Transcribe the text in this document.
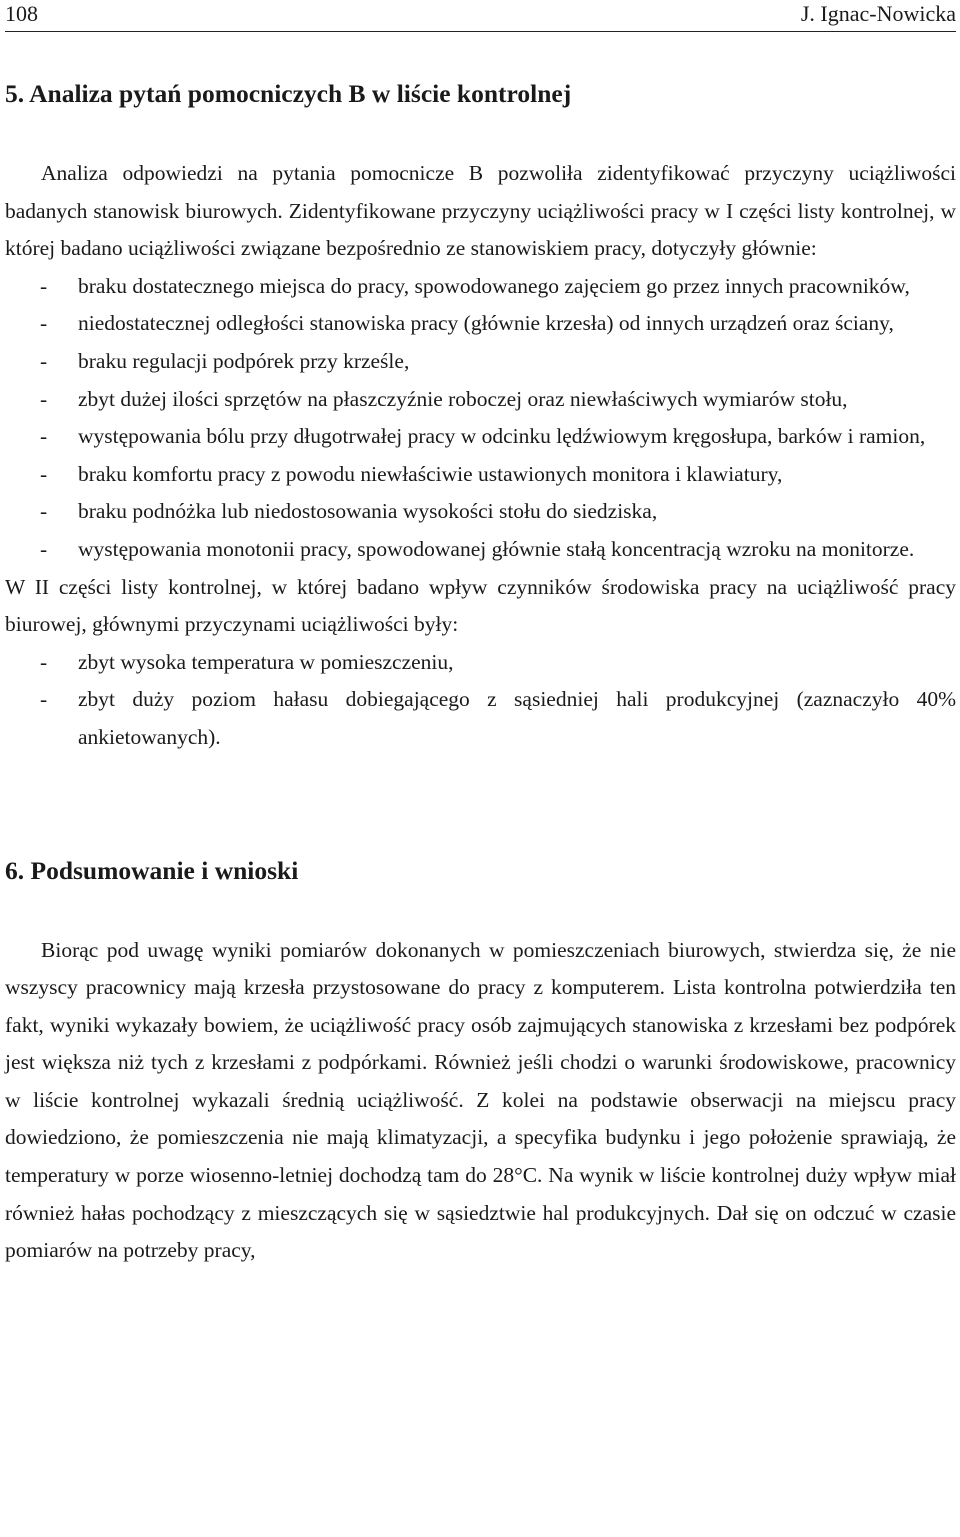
108	J. Ignac-Nowicka
5. Analiza pytań pomocniczych B w liście kontrolnej

Analiza odpowiedzi na pytania pomocnicze B pozwoliła zidentyfikować przyczyny uciążliwości badanych stanowisk biurowych. Zidentyfikowane przyczyny uciążliwości pracy w I części listy kontrolnej, w której badano uciążliwości związane bezpośrednio ze stanowiskiem pracy, dotyczyły głównie:

- braku dostatecznego miejsca do pracy, spowodowanego zajęciem go przez innych pracowników,
- niedostatecznej odległości stanowiska pracy (głównie krzesła) od innych urządzeń oraz ściany,
- braku regulacji podpórek przy krześle,
- zbyt dużej ilości sprzętów na płaszczyźnie roboczej oraz niewłaściwych wymiarów stołu,
- występowania bólu przy długotrwałej pracy w odcinku lędźwiowym kręgosłupa, barków i ramion,
- braku komfortu pracy z powodu niewłaściwie ustawionych monitora i klawiatury,
- braku podnóżka lub niedostosowania wysokości stołu do siedziska,
- występowania monotonii pracy, spowodowanej głównie stałą koncentracją wzroku na monitorze.

W II części listy kontrolnej, w której badano wpływ czynników środowiska pracy na uciążliwość pracy biurowej, głównymi przyczynami uciążliwości były:

- zbyt wysoka temperatura w pomieszczeniu,
- zbyt duży poziom hałasu dobiegającego z sąsiedniej hali produkcyjnej (zaznaczyło 40% ankietowanych).
6. Podsumowanie i wnioski

Biorąc pod uwagę wyniki pomiarów dokonanych w pomieszczeniach biurowych, stwierdza się, że nie wszyscy pracownicy mają krzesła przystosowane do pracy z komputerem. Lista kontrolna potwierdziła ten fakt, wyniki wykazały bowiem, że uciążliwość pracy osób zajmujących stanowiska z krzesłami bez podpórek jest większa niż tych z krzesłami z podpórkami. Również jeśli chodzi o warunki środowiskowe, pracownicy w liście kontrolnej wykazali średnią uciążliwość. Z kolei na podstawie obserwacji na miejscu pracy dowiedziono, że pomieszczenia nie mają klimatyzacji, a specyfika budynku i jego położenie sprawiają, że temperatury w porze wiosenno-letniej dochodzą tam do 28°C. Na wynik w liście kontrolnej duży wpływ miał również hałas pochodzący z mieszczących się w sąsiedztwie hal produkcyjnych. Dał się on odczuć w czasie pomiarów na potrzeby pracy,
